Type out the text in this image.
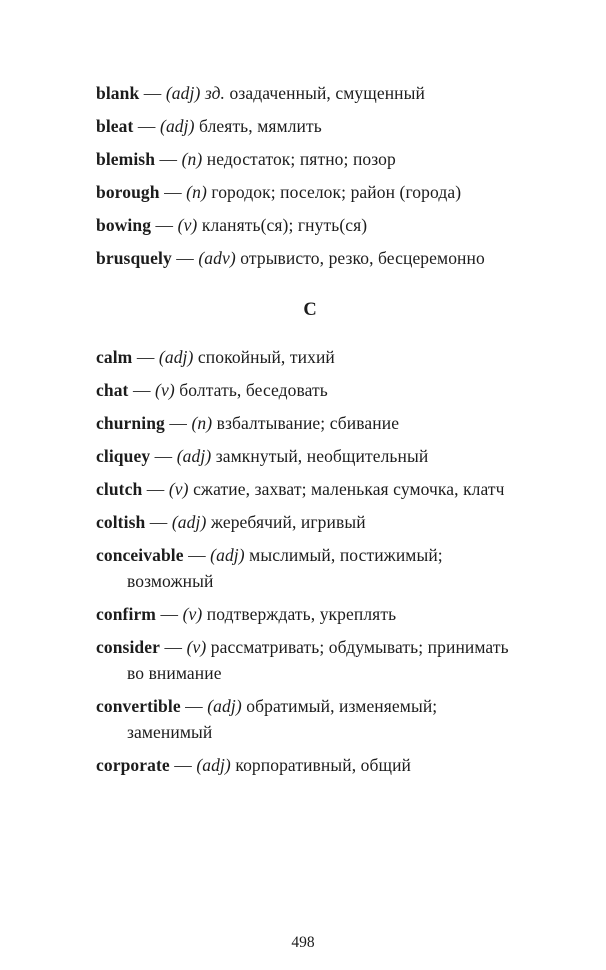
blank — (adj) зд. озадаченный, смущенный

bleat — (adj) блеять, мямлить

blemish — (n) недостаток; пятно; позор

borough — (n) городок; поселок; район (города)

bowing — (v) кланять(ся); гнуть(ся)

brusquely — (adv) отрывисто, резко, бесцеремонно

C

calm — (adj) спокойный, тихий

chat — (v) болтать, беседовать

churning — (n) взбалтывание; сбивание

cliquey — (adj) замкнутый, необщительный

clutch — (v) сжатие, захват; маленькая сумочка, клатч

coltish — (adj) жеребячий, игривый

conceivable — (adj) мыслимый, постижимый; возможный

confirm — (v) подтверждать, укреплять

consider — (v) рассматривать; обдумывать; принимать во внимание

convertible — (adj) обратимый, изменяемый; заменимый

corporate — (adj) корпоративный, общий

498
